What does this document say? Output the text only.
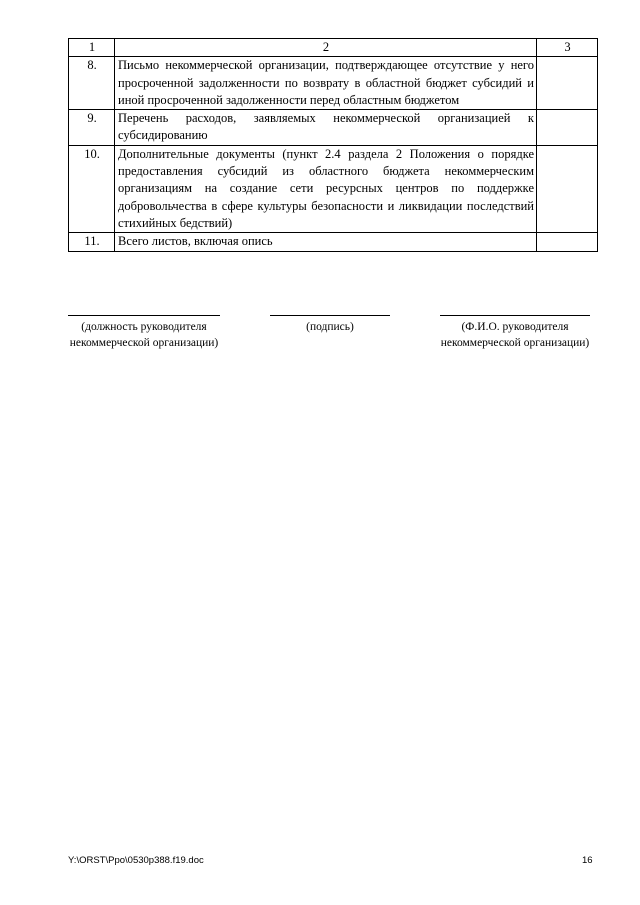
1	2	3
8.	Письмо некоммерческой организации, подтверждающее отсутствие у него просроченной задолженности по возврату в областной бюджет субсидий и иной просроченной задолженности перед областным бюджетом	
9.	Перечень расходов, заявляемых некоммерческой организацией к субсидированию	
10.	Дополнительные документы (пункт 2.4 раздела 2 Положения о порядке предоставления субсидий из областного бюджета некоммерческим организациям на создание сети ресурсных центров по поддержке добровольчества в сфере культуры безопасности и ликвидации последствий стихийных бедствий)	
11.	Всего листов, включая опись	
(должность руководителя некоммерческой организации)
(подпись)	(Ф.И.О. руководителя некоммерческой организации)
Y:\ORST\Ppo\0530p388.f19.doc	16
